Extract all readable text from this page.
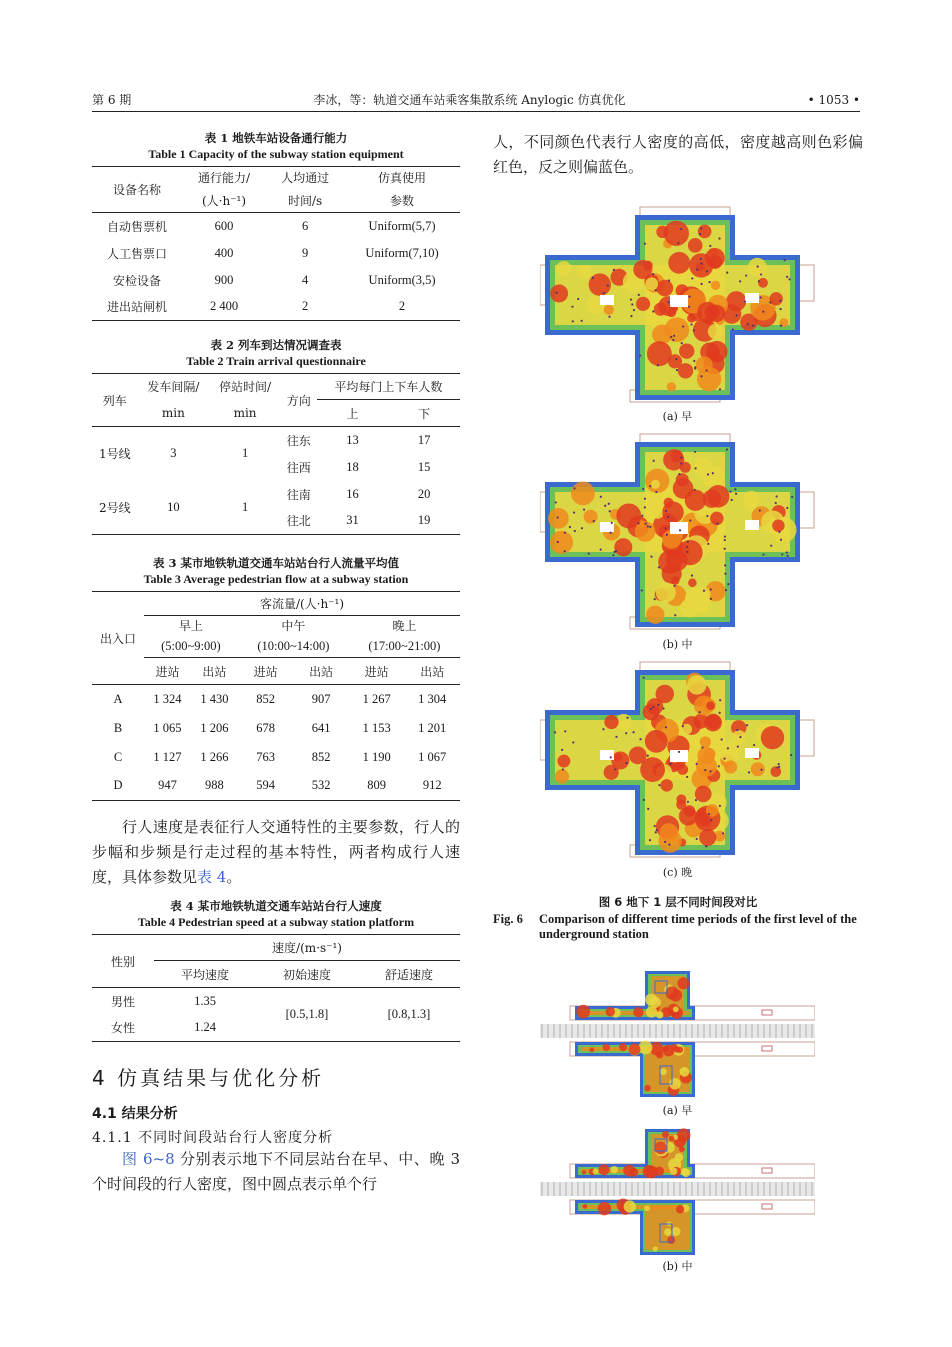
第 6 期	李冰，等：轨道交通车站乘客集散系统 Anylogic 仿真优化	• 1053 •
表 1 地铁车站设备通行能力
Table 1 Capacity of the subway station equipment
设备名称	通行能力/	人均通过	仿真使用
	(人·h⁻¹)	时间/s	参数
自动售票机	600	6	Uniform(5,7)
人工售票口	400	9	Uniform(7,10)
安检设备	900	4	Uniform(3,5)
进出站闸机	2 400	2	2
表 2 列车到达情况调查表
Table 2 Train arrival questionnaire
列车	发车间隔/	停站时间/	方向	平均每门上下车人数	
	min	min		上	下
1号线	3	1	往东	13	17
			往西	18	15
2号线	10	1	往南	16	20
			往北	31	19
表 3 某市地铁轨道交通车站站台行人流量平均值
Table 3 Average pedestrian flow at a subway station
出入口	客流量/(人·h⁻¹)					
	早上		中午		晚上	
	(5:00~9:00)		(10:00~14:00)		(17:00~21:00)	
	进站	出站	进站	出站	进站	出站
A	1 324	1 430	852	907	1 267	1 304
B	1 065	1 206	678	641	1 153	1 201
C	1 127	1 266	763	852	1 190	1 067
D	947	988	594	532	809	912

行人速度是表征行人交通特性的主要参数，行人的步幅和步频是行走过程的基本特性，两者构成行人速度，具体参数见表 4。

表 4 某市地铁轨道交通车站站台行人速度
Table 4 Pedestrian speed at a subway station platform
性别	速度/(m·s⁻¹)		
	平均速度	初始速度	舒适速度
男性	1.35	[0.5,1.8]	[0.8,1.3]
女性	1.24		
4 仿真结果与优化分析
4.1 结果分析
4.1.1 不同时间段站台行人密度分析

图 6~8 分别表示地下不同层站台在早、中、晚 3 个时间段的行人密度，图中圆点表示单个行

人，不同颜色代表行人密度的高低，密度越高则色彩偏红色，反之则偏蓝色。

(a) 早
(b) 中
(c) 晚
图 6 地下 1 层不同时间段对比
Fig. 6	Comparison of different time periods of the first level of the underground station
(a) 早
(b) 中
